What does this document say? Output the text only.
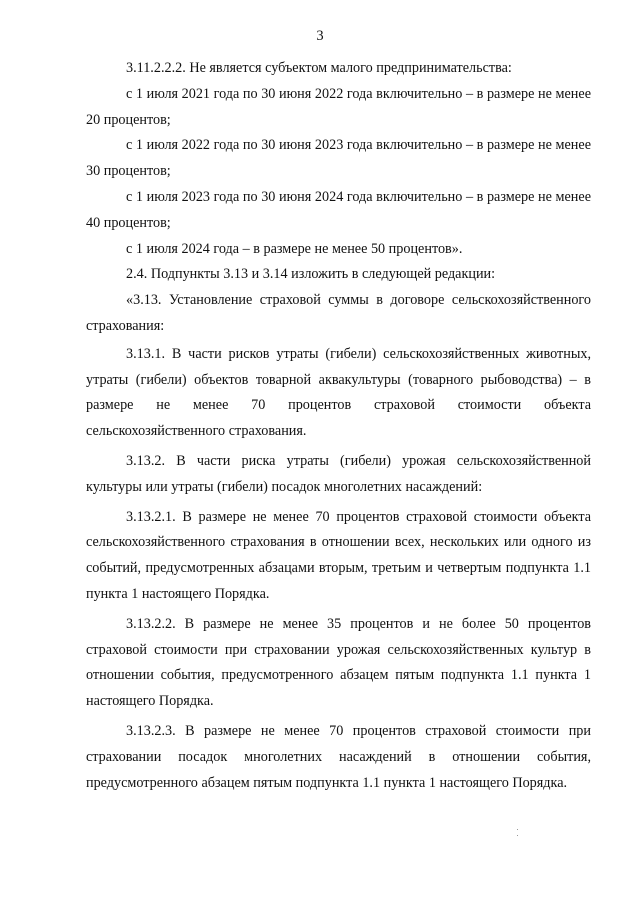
3

3.11.2.2.2. Не является субъектом малого предпринимательства:

с 1 июля 2021 года по 30 июня 2022 года включительно – в размере не менее 20 процентов;

с 1 июля 2022 года по 30 июня 2023 года включительно – в размере не менее 30 процентов;

с 1 июля 2023 года по 30 июня 2024 года включительно – в размере не менее 40 процентов;

с 1 июля 2024 года – в размере не менее 50 процентов».

2.4. Подпункты 3.13 и 3.14 изложить в следующей редакции:

«3.13. Установление страховой суммы в договоре сельскохозяйственного страхования:

3.13.1. В части рисков утраты (гибели) сельскохозяйственных животных, утраты (гибели) объектов товарной аквакультуры (товарного рыбоводства) – в размере не менее 70 процентов страховой стоимости объекта сельскохозяйственного страхования.

3.13.2. В части риска утраты (гибели) урожая сельскохозяйственной культуры или утраты (гибели) посадок многолетних насаждений:

3.13.2.1. В размере не менее 70 процентов страховой стоимости объекта сельскохозяйственного страхования в отношении всех, нескольких или одного из событий, предусмотренных абзацами вторым, третьим и четвертым подпункта 1.1 пункта 1 настоящего Порядка.

3.13.2.2. В размере не менее 35 процентов и не более 50 процентов страховой стоимости при страховании урожая сельскохозяйственных культур в отношении события, предусмотренного абзацем пятым подпункта 1.1 пункта 1 настоящего Порядка.

3.13.2.3. В размере не менее 70 процентов страховой стоимости при страховании посадок многолетних насаждений в отношении события, предусмотренного абзацем пятым подпункта 1.1 пункта 1 настоящего Порядка.
